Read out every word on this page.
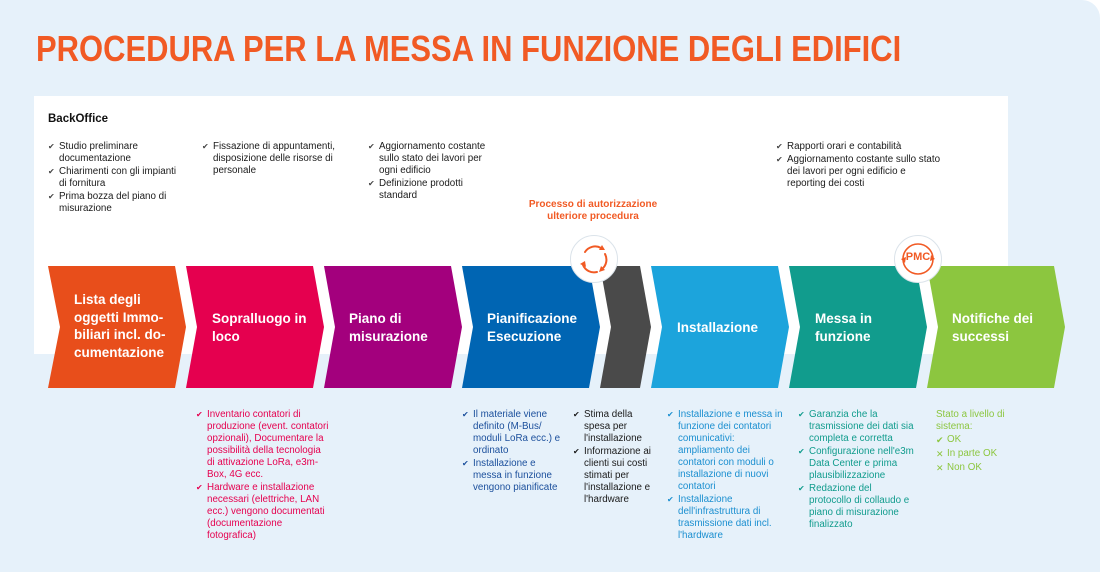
PROCEDURA PER LA MESSA IN FUNZIONE DEGLI EDIFICI
BackOffice
✔ Studio preliminare documentazione
✔ Chiarimenti con gli impianti di fornitura
✔ Prima bozza del piano di misurazione
✔ Fissazione di appuntamenti, disposizione delle risorse di personale
✔ Aggiornamento costante sullo stato dei lavori per ogni edificio
✔ Definizione prodotti standard
✔ Rapporti orari e contabilità
✔ Aggiornamento costante sullo stato dei lavori per ogni edificio e reporting dei costi
Processo di autorizzazione ulteriore procedura
Lista degli oggetti Immo-biliari incl. do-cumentazione
Sopralluogo in loco
Piano di misurazione
Pianificazione Esecuzione
Installazione
Messa in funzione
Notifiche dei successi
PMC
✔ Inventario contatori di produzione (event. contatori opzionali), Documentare la possibilità della tecnologia di attivazione LoRa, e3m-Box, 4G ecc.
✔ Hardware e installazione necessari (elettriche, LAN ecc.) vengono documentati (documentazione fotografica)
✔ Il materiale viene definito (M-Bus/ moduli LoRa ecc.) e ordinato
✔ Installazione e messa in funzione vengono pianificate
✔ Stima della spesa per l'installazione
✔ Informazione ai clienti sui costi stimati per l'installazione e l'hardware
✔ Installazione e messa in funzione dei contatori comunicativi: ampliamento dei contatori con moduli o installazione di nuovi contatori
✔ Installazione dell'infrastruttura di trasmissione dati incl. l'hardware
✔ Garanzia che la trasmissione dei dati sia completa e corretta
✔ Configurazione nell'e3m Data Center e prima plausibilizzazione
✔ Redazione del protocollo di collaudo e piano di misurazione finalizzato
Stato a livello di sistema:
✔ OK
✕ In parte OK
✕ Non OK
